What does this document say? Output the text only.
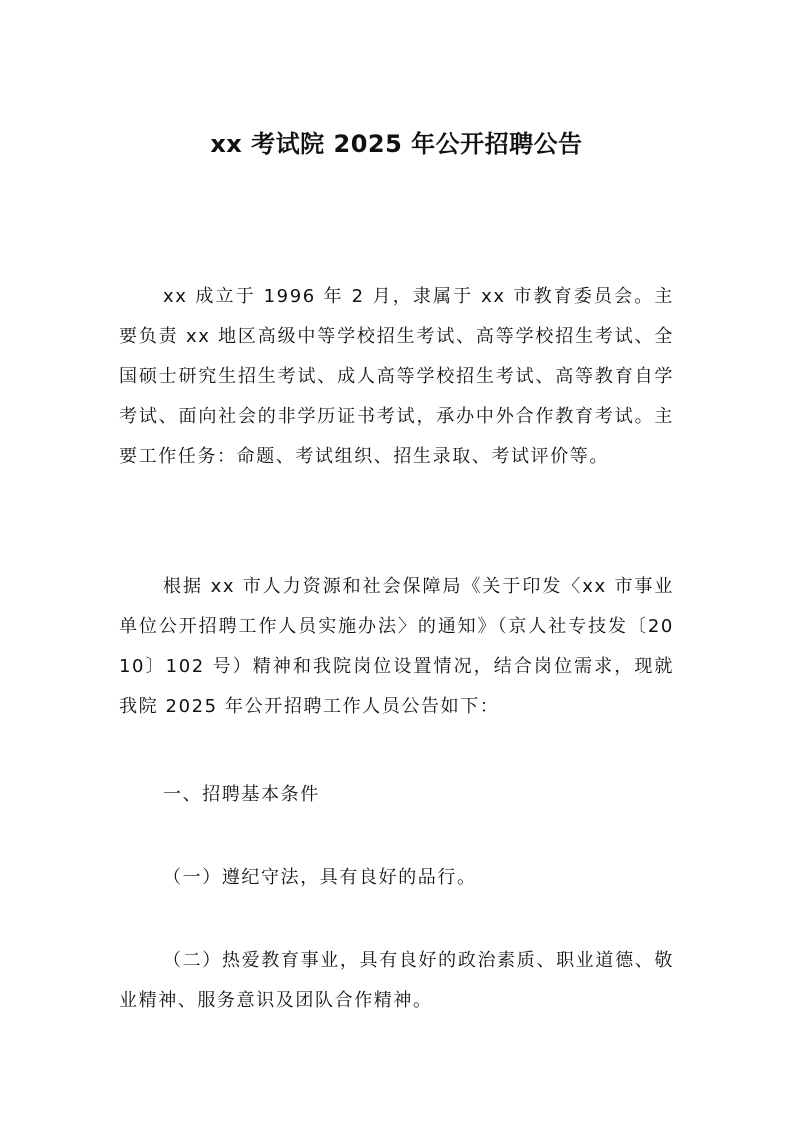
xx 考试院 2025 年公开招聘公告

xx 成立于 1996 年 2 月，隶属于 xx 市教育委员会。主要负责 xx 地区高级中等学校招生考试、高等学校招生考试、全国硕士研究生招生考试、成人高等学校招生考试、高等教育自学考试、面向社会的非学历证书考试，承办中外合作教育考试。主要工作任务：命题、考试组织、招生录取、考试评价等。

根据 xx 市人力资源和社会保障局《关于印发〈xx 市事业单位公开招聘工作人员实施办法〉的通知》（京人社专技发〔2010〕102 号）精神和我院岗位设置情况，结合岗位需求，现就我院 2025 年公开招聘工作人员公告如下：

一、招聘基本条件

（一）遵纪守法，具有良好的品行。

（二）热爱教育事业，具有良好的政治素质、职业道德、敬业精神、服务意识及团队合作精神。
